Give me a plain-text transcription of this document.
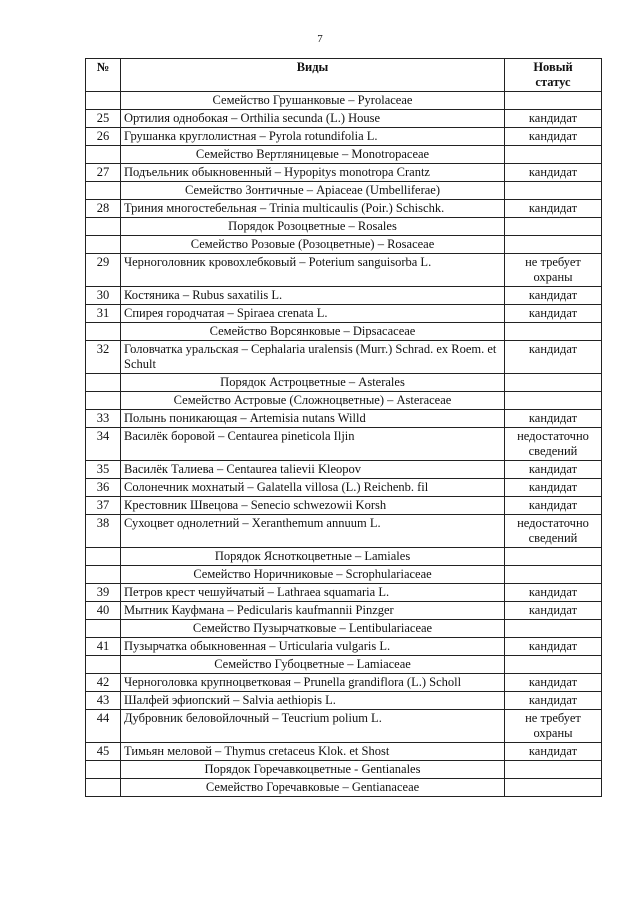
7
№	Виды	Новый
статус
	Семейство Грушанковые – Pyrolaceae	
25	Ортилия однобокая – Orthilia secunda (L.) House	кандидат
26	Грушанка круглолистная – Pyrola rotundifolia L.	кандидат
	Семейство Вертляницевые – Monotropaceae	
27	Подъельник обыкновенный – Hypopitys monotropa Crantz	кандидат
	Семейство Зонтичные – Apiaceae (Umbelliferae)	
28	Триния многостебельная – Trinia multicaulis (Poir.) Schischk.	кандидат
	Порядок Розоцветные – Rosales	
	Семейство Розовые (Розоцветные) – Rosaceae	
29	Черноголовник кровохлебковый – Poterium sanguisorba L.	не требует
охраны
30	Костяника – Rubus saxatilis L.	кандидат
31	Спирея городчатая – Spiraea crenata L.	кандидат
	Семейство Ворсянковые – Dipsacaceae	
32	Головчатка уральская – Cephalaria uralensis (Murr.) Schrad. ex Roem. et Schult	кандидат
	Порядок Астроцветные – Asterales	
	Семейство Астровые (Сложноцветные) – Asteraceae	
33	Полынь поникающая – Artemisia nutans Willd	кандидат
34	Василёк боровой – Centaurea pineticola Iljin	недостаточно
сведений
35	Василёк Талиева – Centaurea talievii Kleopov	кандидат
36	Солонечник мохнатый – Galatella villosa (L.) Reichenb. fil	кандидат
37	Крестовник Швецова – Senecio schwezowii Korsh	кандидат
38	Сухоцвет однолетний – Xeranthemum annuum L.	недостаточно
сведений
	Порядок Ясноткоцветные – Lamiales	
	Семейство Норичниковые – Scrophulariaceae	
39	Петров крест чешуйчатый – Lathraea squamaria L.	кандидат
40	Мытник Кауфмана – Pedicularis kaufmannii Pinzger	кандидат
	Семейство Пузырчатковые – Lentibulariaceae	
41	Пузырчатка обыкновенная – Urticularia vulgaris L.	кандидат
	Семейство Губоцветные – Lamiaceae	
42	Черноголовка крупноцветковая – Prunella grandiflora (L.) Scholl	кандидат
43	Шалфей эфиопский – Salvia aethiopis L.	кандидат
44	Дубровник беловойлочный – Teucrium polium L.	не требует
охраны
45	Тимьян меловой – Thymus cretaceus Klok. et Shost	кандидат
	Порядок Горечавкоцветные - Gentianales	
	Семейство Горечавковые – Gentianaceae	
